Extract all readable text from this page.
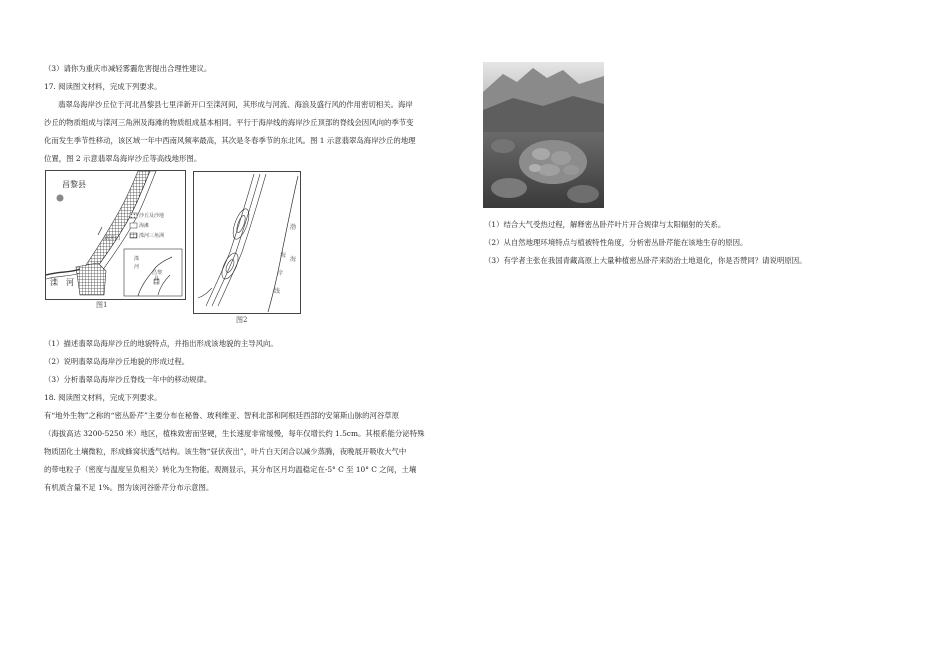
（3）请你为重庆市减轻雾霾危害提出合理性建议。
17. 阅读图文材料，完成下列要求。
翡翠岛海岸沙丘位于河北昌黎县七里洋新开口至滦河间，其形成与河流、海浪及盛行风的作用密切相关。海岸
沙丘的物质组成与滦河三角洲及海滩的物质组成基本相同。平行于海岸线的海岸沙丘顶部的脊线会因风向的季节变
化而发生季节性移动，该区域一年中西南风频率最高，其次是冬春季节的东北风。图 1 示意翡翠岛海岸沙丘的地理
位置，图 2 示意翡翠岛海岸沙丘等高线地形图。
昌黎县
新开口
滦　河
沙丘及沙地
海滩
滦河三角洲
滦
河
昌黎
县
图1
渤
海
海
岸
线
图2
（1）描述翡翠岛海岸沙丘的地貌特点，并指出形成该地貌的主导风向。
（2）说明翡翠岛海岸沙丘地貌的形成过程。
（3）分析翡翠岛海岸沙丘脊线一年中的移动规律。
18. 阅读图文材料，完成下列要求。
有“地外生物”之称的“密丛卧芹”主要分布在秘鲁、玻利维亚、智利北部和阿根廷西部的安第斯山脉的河谷草原
（海拔高达 3200-5250 米）地区，植株致密而坚硬，生长速度非常缓慢，每年仅增长约 1.5cm。其根系能分泌特殊
物质固化土壤微粒，形成蜂窝状透气结构。该生物“昼伏夜出”，叶片白天闭合以减少蒸腾，夜晚展开吸收大气中
的带电粒子（密度与温度呈负相关）转化为生物能。观测显示，其分布区月均温稳定在-5° C 至 10° C 之间，土壤
有机质含量不足 1%。图为该河谷卧芹分布示意图。
（1）结合大气受热过程，解释密丛卧芹叶片开合规律与太阳辐射的关系。
（2）从自然地理环境特点与植被特性角度，分析密丛卧芹能在该地生存的原因。
（3）有学者主张在我国青藏高原上大量种植密丛卧芹来防治土地退化，你是否赞同？请说明原因。
